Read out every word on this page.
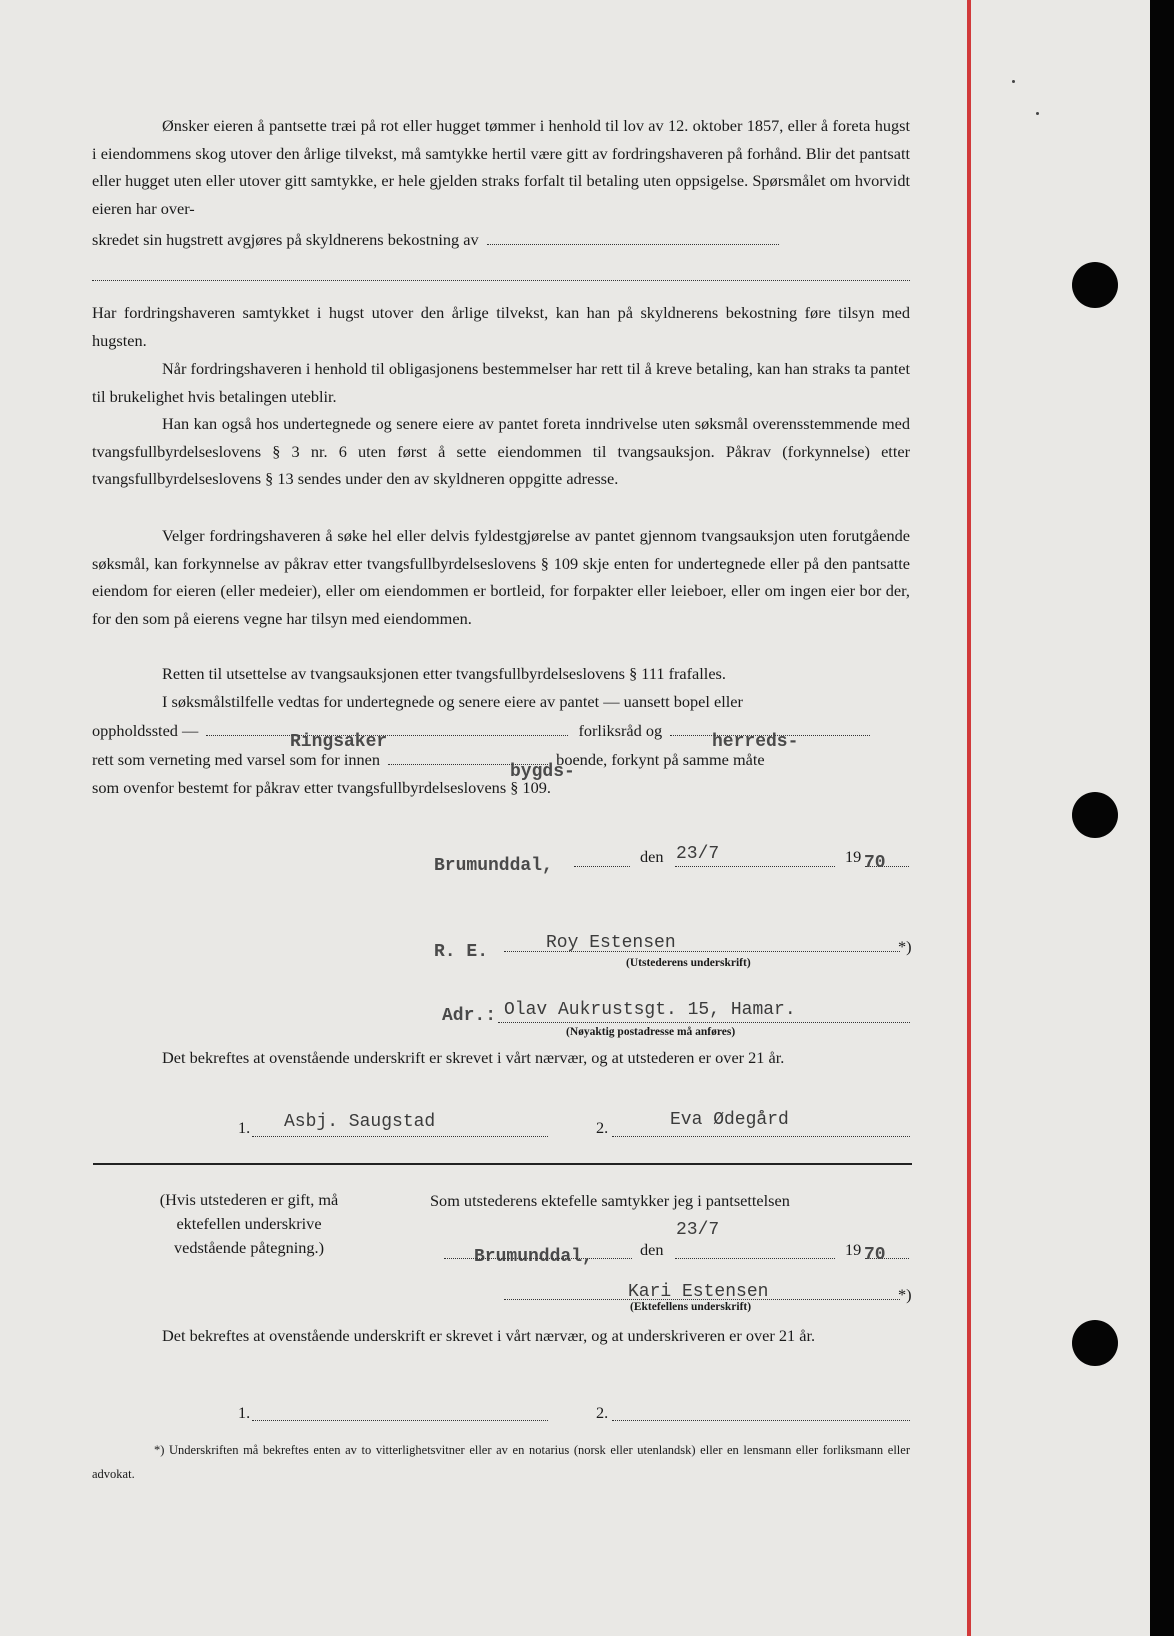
Ønsker eieren å pantsette træi på rot eller hugget tømmer i henhold til lov av 12. oktober 1857, eller å foreta hugst i eiendommens skog utover den årlige tilvekst, må samtykke hertil være gitt av fordringshaveren på forhånd. Blir det pantsatt eller hugget uten eller utover gitt samtykke, er hele gjelden straks forfalt til betaling uten oppsigelse. Spørsmålet om hvorvidt eieren har over-

skredet sin hugstrett avgjøres på skyldnerens bekostning av

Har fordringshaveren samtykket i hugst utover den årlige tilvekst, kan han på skyldnerens bekostning føre tilsyn med hugsten.

Når fordringshaveren i henhold til obligasjonens bestemmelser har rett til å kreve betaling, kan han straks ta pantet til brukelighet hvis betalingen uteblir.

Han kan også hos undertegnede og senere eiere av pantet foreta inndrivelse uten søksmål overensstemmende med tvangsfullbyrdelseslovens § 3 nr. 6 uten først å sette eiendommen til tvangsauksjon. Påkrav (forkynnelse) etter tvangsfullbyrdelseslovens § 13 sendes under den av skyldneren oppgitte adresse.

Velger fordringshaveren å søke hel eller delvis fyldestgjørelse av pantet gjennom tvangsauksjon uten forutgående søksmål, kan forkynnelse av påkrav etter tvangsfullbyrdelseslovens § 109 skje enten for undertegnede eller på den pantsatte eiendom for eieren (eller medeier), eller om eiendommen er bortleid, for forpakter eller leieboer, eller om ingen eier bor der, for den som på eierens vegne har tilsyn med eiendommen.

Retten til utsettelse av tvangsauksjonen etter tvangsfullbyrdelseslovens § 111 frafalles.

I søksmålstilfelle vedtas for undertegnede og senere eiere av pantet — uansett bopel eller

oppholdssted —	forliksråd og
Ringsaker	herreds-
rett som verneting med varsel som for innen	boende, forkynt på samme måte
bygds-
som ovenfor bestemt for påkrav etter tvangsfullbyrdelseslovens § 109.
Brumunddal,	den 23/7	19 70
R. E.	Roy Estensen	*)
(Utstederens underskrift)
Adr.: Olav Aukrustsgt. 15, Hamar.
(Nøyaktig postadresse må anføres)

Det bekreftes at ovenstående underskrift er skrevet i vårt nærvær, og at utstederen er over 21 år.

1. Asbj. Saugstad	2.	Eva Ødegård
(Hvis utstederen er gift, må ektefellen underskrive vedstående påtegning.)
Som utstederens ektefelle samtykker jeg i pantsettelsen
Brumunddal,	den
23/7
19 70
Kari Estensen	*)
(Ektefellens underskrift)

Det bekreftes at ovenstående underskrift er skrevet i vårt nærvær, og at underskriveren er over 21 år.

1.	2.
*) Underskriften må bekreftes enten av to vitterlighetsvitner eller av en notarius (norsk eller utenlandsk) eller en lensmann eller forliksmann eller advokat.
